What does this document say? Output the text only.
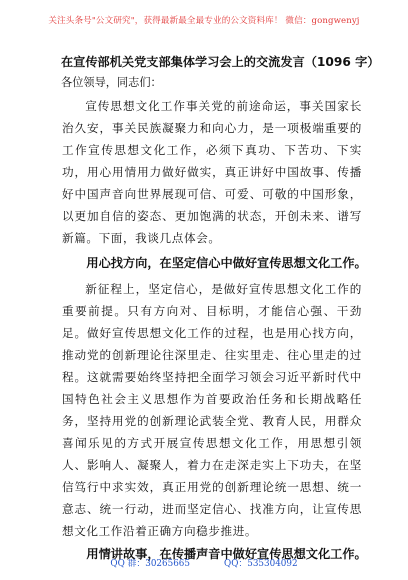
关注头条号"公文研究"，获得最新最全最专业的公文资料库！ 微信：gongwenyj
在宣传部机关党支部集体学习会上的交流发言（1096 字）
各位领导，同志们：

宣传思想文化工作事关党的前途命运，事关国家长治久安，事关民族凝聚力和向心力，是一项极端重要的工作宣传思想文化工作，必须下真功、下苦功、下实功，用心用情用力做好做实，真正讲好中国故事、传播好中国声音向世界展现可信、可爱、可敬的中国形象，以更加自信的姿态、更加饱满的状态，开创未来、谱写新篇。下面，我谈几点体会。

用心找方向，在坚定信心中做好宣传思想文化工作。

新征程上，坚定信心，是做好宣传思想文化工作的重要前提。只有方向对、目标明，才能信心强、干劲足。做好宣传思想文化工作的过程，也是用心找方向，推动党的创新理论往深里走、往实里走、往心里走的过程。这就需要始终坚持把全面学习领会习近平新时代中国特色社会主义思想作为首要政治任务和长期战略任务，坚持用党的创新理论武装全党、教育人民，用群众喜闻乐见的方式开展宣传思想文化工作，用思想引领人、影响人、凝聚人，着力在走深走实上下功夫，在坚信笃行中求实效，真正用党的创新理论统一思想、统一意志、统一行动，进而坚定信心、找准方向，让宣传思想文化工作沿着正确方向稳步推进。

用情讲故事，在传播声音中做好宣传思想文化工作。
QQ 群：30265665	QQ：535304092
